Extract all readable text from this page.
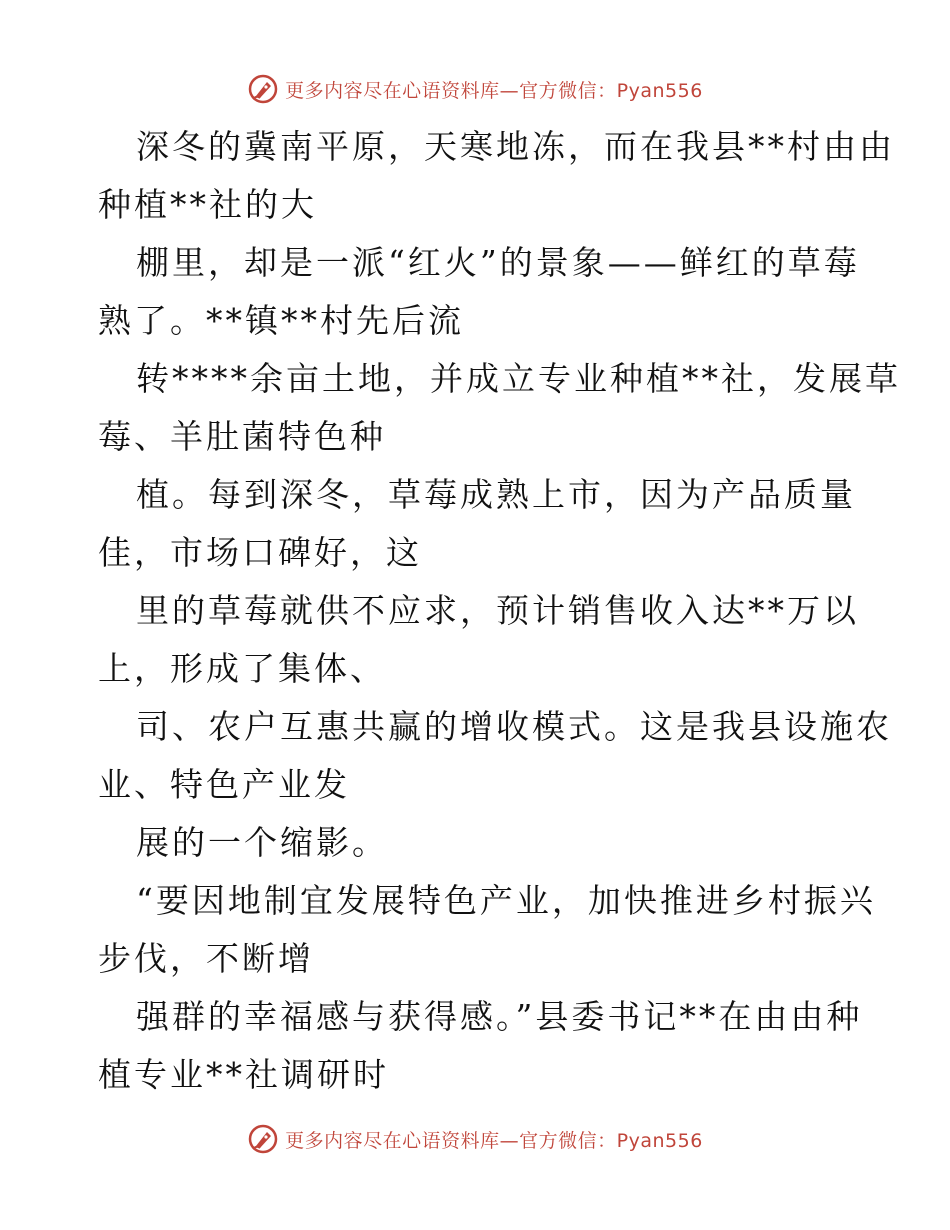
更多内容尽在心语资料库—官方微信：Pyan556
深冬的冀南平原，天寒地冻，而在我县**村由由
种植**社的大
棚里，却是一派“红火”的景象——鲜红的草莓
熟了。**镇**村先后流
转****余亩土地，并成立专业种植**社，发展草
莓、羊肚菌特色种
植。每到深冬，草莓成熟上市，因为产品质量
佳，市场口碑好，这
里的草莓就供不应求，预计销售收入达**万以
上，形成了集体、
司、农户互惠共赢的增收模式。这是我县设施农
业、特色产业发
展的一个缩影。
“要因地制宜发展特色产业，加快推进乡村振兴
步伐，不断增
强群的幸福感与获得感。”县委书记**在由由种
植专业**社调研时
更多内容尽在心语资料库—官方微信：Pyan556
